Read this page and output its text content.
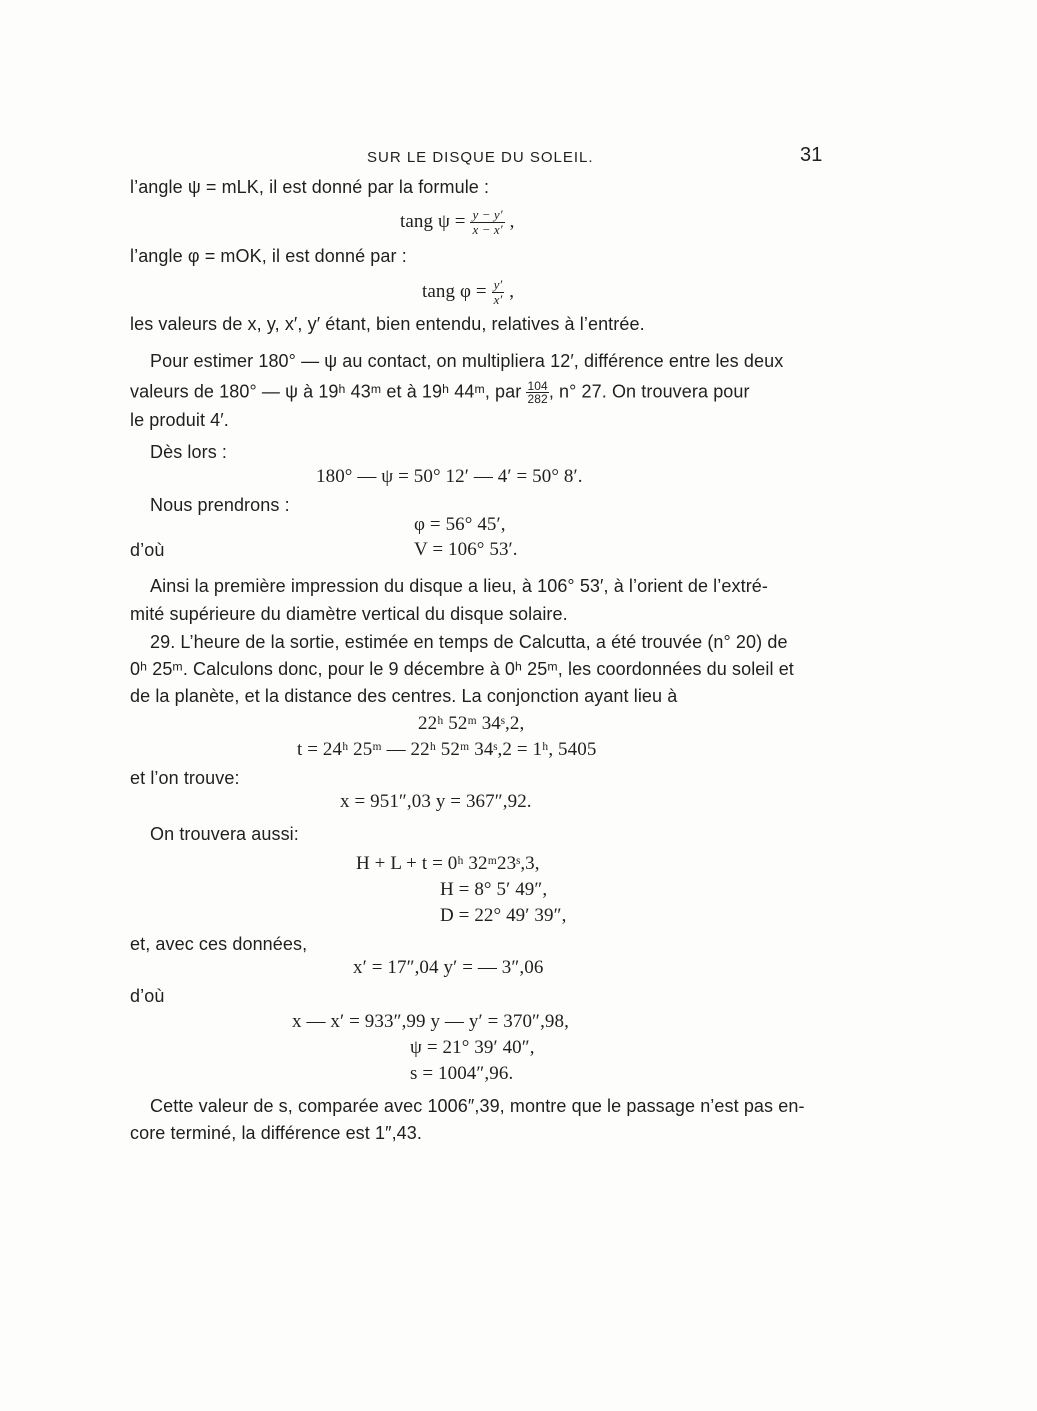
SUR LE DISQUE DU SOLEIL.	31
l’angle ψ = mLK, il est donné par la formule :
tang $\psi = \frac{y - y'}{x - x'}$ ,
l’angle φ = mOK, il est donné par :
tang $\varphi = \frac{y'}{x'}$ ,
les valeurs de x, y, x′, y′ étant, bien entendu, relatives à l’entrée.
Pour estimer 180° — ψ au contact, on multipliera 12′, différence entre les deux
valeurs de 180° — ψ à 19ʰ 43ᵐ et à 19ʰ 44ᵐ, par $\frac{104}{282}$ , n° 27. On trouvera pour
le produit 4′.
Dès lors :
180° — ψ = 50° 12′ — 4′ = 50° 8′.
Nous prendrons :
φ = 56° 45′,
d’où	V = 106° 53′.
Ainsi la première impression du disque a lieu, à 106° 53′, à l’orient de l’extré-
mité supérieure du diamètre vertical du disque solaire.
29. L’heure de la sortie, estimée en temps de Calcutta, a été trouvée (n° 20) de
0ʰ 25ᵐ. Calculons donc, pour le 9 décembre à 0ʰ 25ᵐ, les coordonnées du soleil et
de la planète, et la distance des centres. La conjonction ayant lieu à
22ʰ 52ᵐ 34ˢ,2,
t = 24ʰ 25ᵐ — 22ʰ 52ᵐ 34ˢ,2 = 1ʰ, 5405
et l’on trouve:
x = 951″,03 y = 367″,92.
On trouvera aussi:
H + L + t = 0ʰ 32ᵐ23ˢ,3,
H = 8° 5′ 49″,
D = 22° 49′ 39″,
et, avec ces données,
x′ = 17″,04 y′ = — 3″,06
d’où
x — x′ = 933″,99 y — y′ = 370″,98,
ψ = 21° 39′ 40″,
s = 1004″,96.
Cette valeur de s, comparée avec 1006″,39, montre que le passage n’est pas en-
core terminé, la différence est 1″,43.
